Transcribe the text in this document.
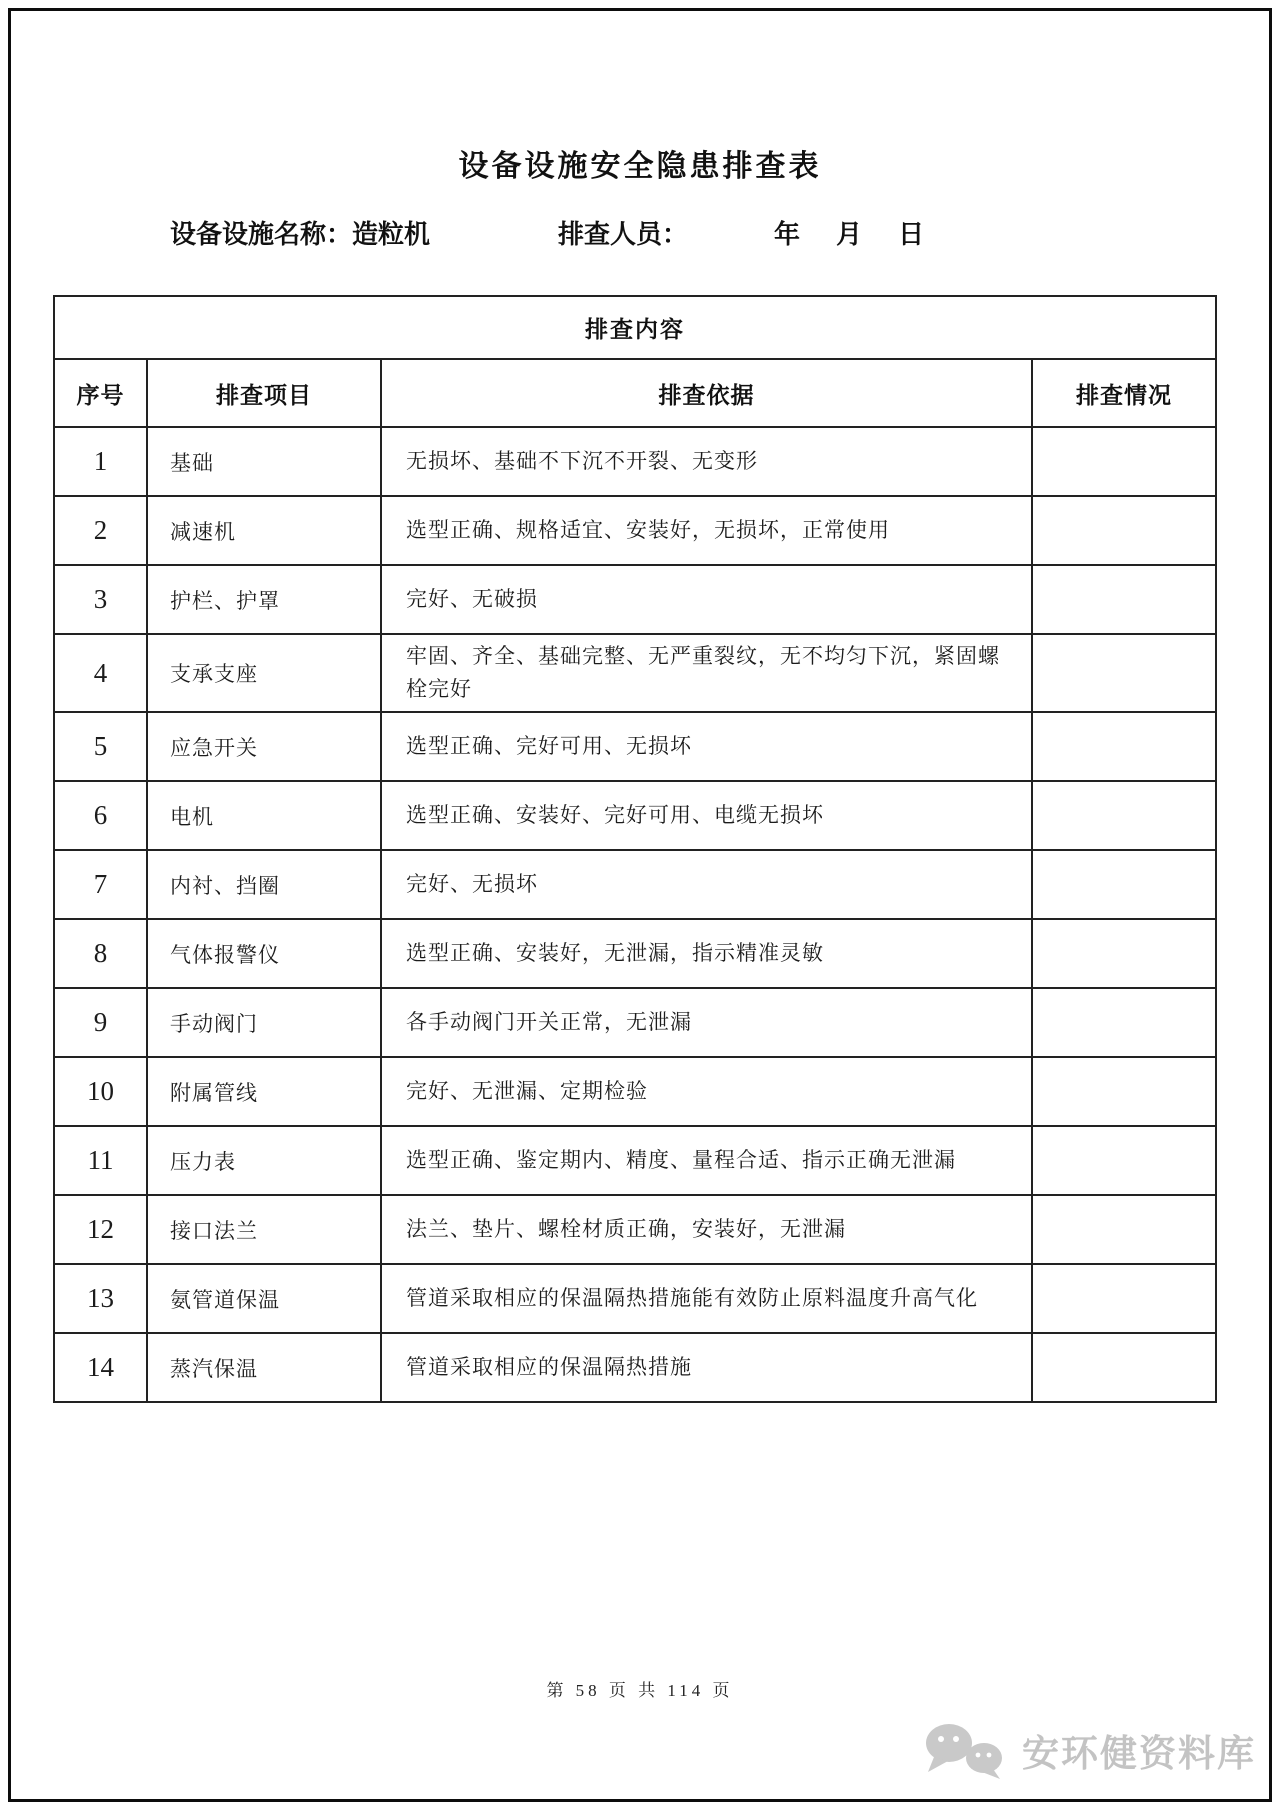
设备设施安全隐患排查表
设备设施名称： 造粒机	排查人员：	年 月 日
排查内容			
序号	排查项目	排查依据	排查情况
1	基础	无损坏、基础不下沉不开裂、无变形	
2	减速机	选型正确、规格适宜、安装好，无损坏，正常使用	
3	护栏、护罩	完好、无破损	
4	支承支座	牢固、齐全、基础完整、无严重裂纹，无不均匀下沉，紧固螺栓完好	
5	应急开关	选型正确、完好可用、无损坏	
6	电机	选型正确、安装好、完好可用、电缆无损坏	
7	内衬、挡圈	完好、无损坏	
8	气体报警仪	选型正确、安装好，无泄漏，指示精准灵敏	
9	手动阀门	各手动阀门开关正常，无泄漏	
10	附属管线	完好、无泄漏、定期检验	
11	压力表	选型正确、鉴定期内、精度、量程合适、指示正确无泄漏	
12	接口法兰	法兰、垫片、螺栓材质正确，安装好，无泄漏	
13	氨管道保温	管道采取相应的保温隔热措施能有效防止原料温度升高气化	
14	蒸汽保温	管道采取相应的保温隔热措施	
第 58 页 共 114 页
安环健资料库
